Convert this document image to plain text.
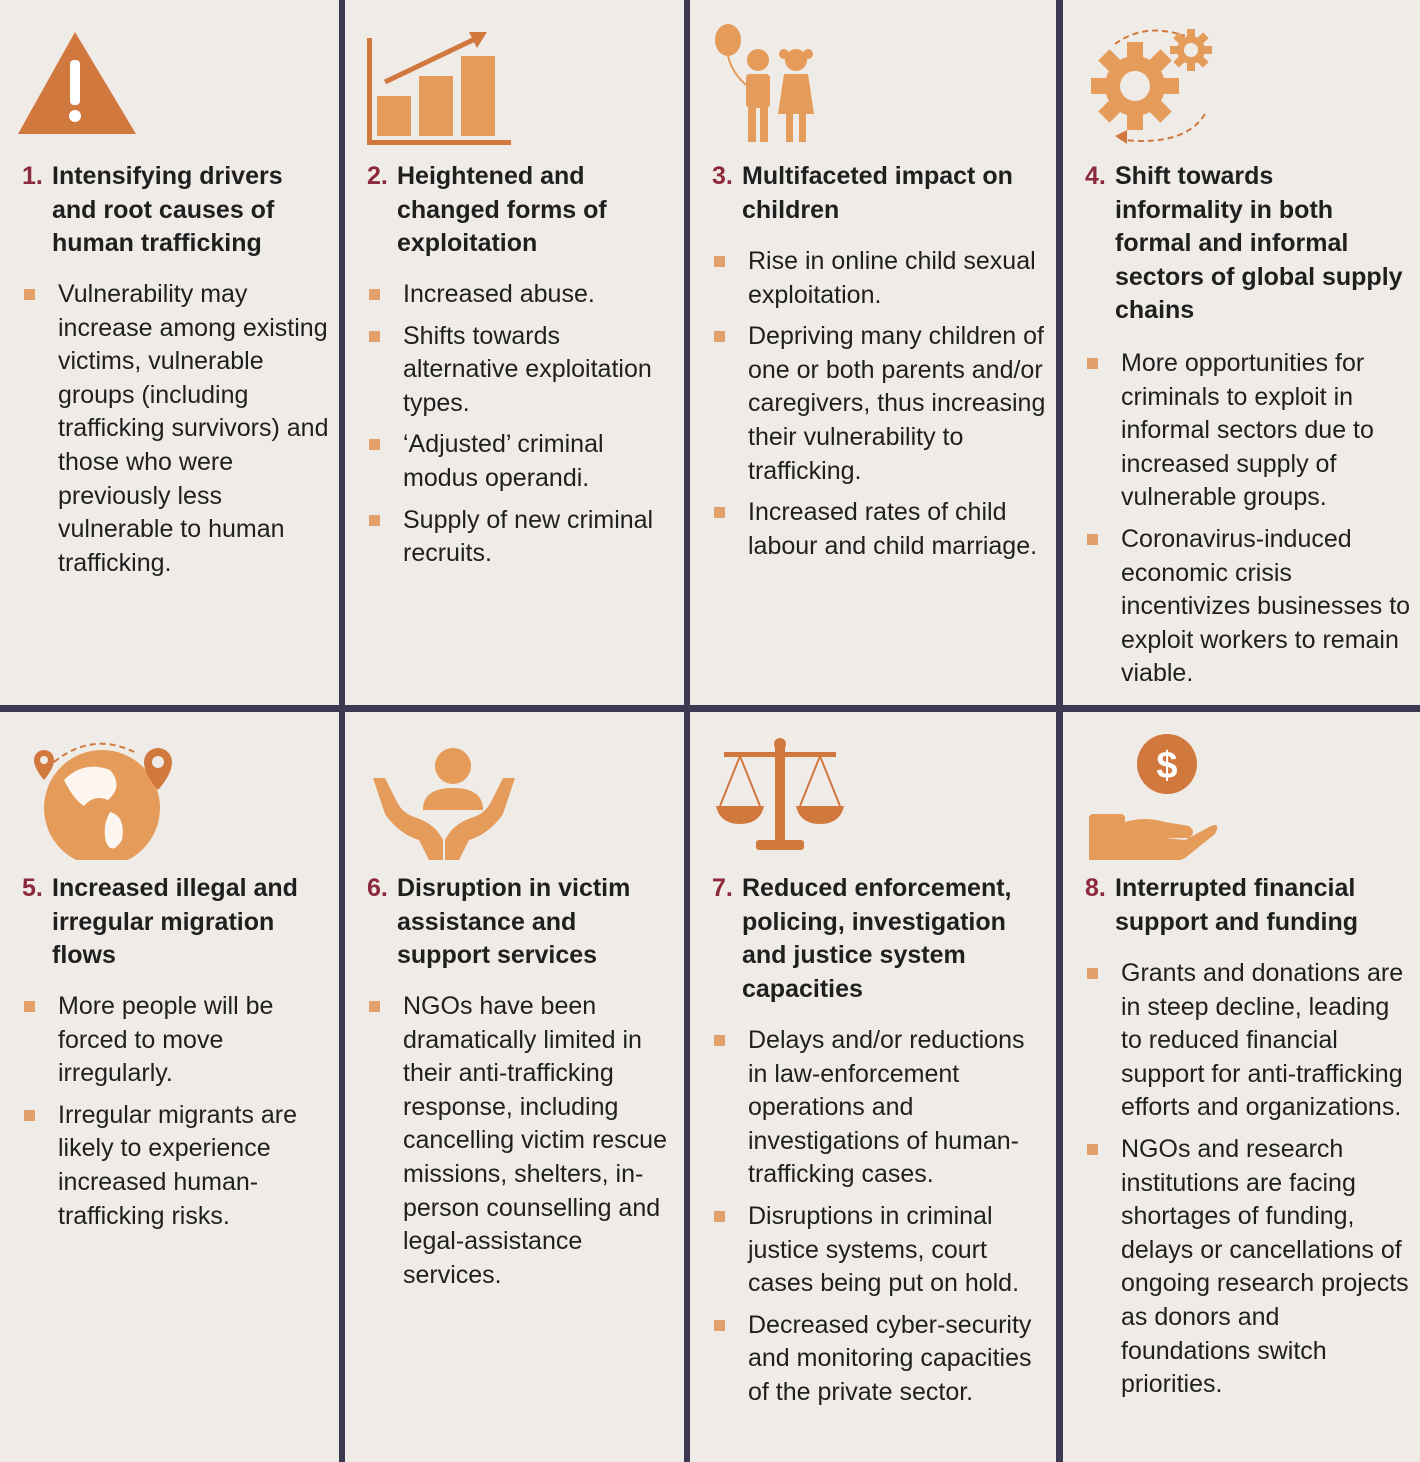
1. Intensifying drivers and root causes of human trafficking
Vulnerability may increase among existing victims, vulnerable groups (including trafficking survivors) and those who were previously less vulnerable to human trafficking.
2. Heightened and changed forms of exploitation
Increased abuse.
Shifts towards alternative exploitation types.
‘Adjusted’ criminal modus operandi.
Supply of new criminal recruits.
3. Multifaceted impact on children
Rise in online child sexual exploitation.
Depriving many children of one or both parents and/or caregivers, thus increasing their vulnerability to trafficking.
Increased rates of child labour and child marriage.
4. Shift towards informality in both formal and informal sectors of global supply chains
More opportunities for criminals to exploit in informal sectors due to increased supply of vulnerable groups.
Coronavirus-induced economic crisis incentivizes businesses to exploit workers to remain viable.
5. Increased illegal and irregular migration flows
More people will be forced to move irregularly.
Irregular migrants are likely to experience increased human-trafficking risks.
6. Disruption in victim assistance and support services
NGOs have been dramatically limited in their anti-trafficking response, including cancelling victim rescue missions, shelters, in-person counselling and legal-assistance services.
7. Reduced enforcement, policing, investigation and justice system capacities
Delays and/or reductions in law-enforcement operations and investigations of human-trafficking cases.
Disruptions in criminal justice systems, court cases being put on hold.
Decreased cyber-security and monitoring capacities of the private sector.
$
8. Interrupted financial support and funding
Grants and donations are in steep decline, leading to reduced financial support for anti-trafficking efforts and organizations.
NGOs and research institutions are facing shortages of funding, delays or cancellations of ongoing research projects as donors and foundations switch priorities.
